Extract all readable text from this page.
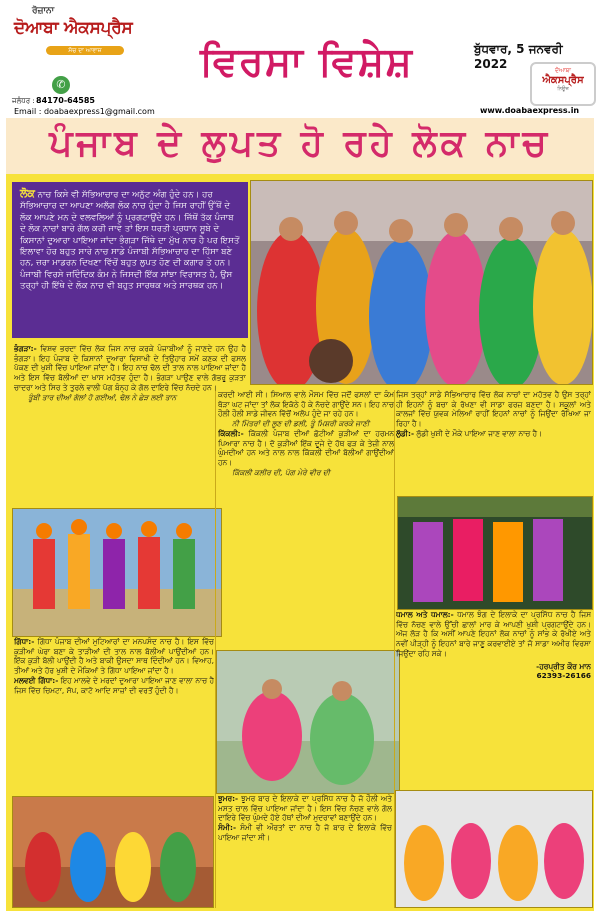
ਰੋਜ਼ਾਨਾ
ਦੋਆਬਾ ਐਕਸਪ੍ਰੈਸ
ਸੱਚ ਦਾ ਆਵਾਜ਼
✆
ਜਲੰਧਰ : 84170-64585
Email : doabaexpress1@gmail.com
ਵਿਰਸਾ ਵਿਸ਼ੇਸ਼	ਬੁੱਧਵਾਰ, 5 ਜਨਵਰੀ 2022	ਦੋਆਬਾ
ਐਕਸਪ੍ਰੈਸ
ਨਿਊਜ਼
www.doabaexpress.in
ਪੰਜਾਬ ਦੇ ਲੁਪਤ ਹੋ ਰਹੇ ਲੋਕ ਨਾਚ
ਲੋਕ ਨਾਚ ਕਿਸੇ ਵੀ ਸੱਭਿਆਚਾਰ ਦਾ ਅਨੁੱਟ ਅੰਗ ਹੁੰਦੇ ਹਨ। ਹਰ ਸੱਭਿਆਚਾਰ ਦਾ ਆਪਣਾ ਅਲੱਗ ਲੋਕ ਨਾਚ ਹੁੰਦਾ ਹੈ ਜਿਸ ਰਾਹੀਂ ਉੱਥੋਂ ਦੇ ਲੋਕ ਆਪਣੇ ਮਨ ਦੇ ਵਲਵਲਿਆਂ ਨੂੰ ਪ੍ਰਗਟਾਉਂਦੇ ਹਨ। ਜਿੱਥੋਂ ਤੱਕ ਪੰਜਾਬ ਦੇ ਲੋਕ ਨਾਚਾਂ ਬਾਰੇ ਗੱਲ ਕਰੀ ਜਾਵੇ ਤਾਂ ਇਸ ਧਰਤੀ ਪ੍ਰਧਾਨ ਸੂਬੇ ਦੇ ਕਿਸਾਨਾਂ ਦੁਆਰਾ ਪਾਇਆ ਜਾਂਦਾ ਭੰਗੜਾ ਜਿੱਥੇ ਦਾ ਮੁੱਖ ਨਾਚ ਹੈ ਪਰ ਇਸਤੋਂ ਇਲਾਵਾ ਹੋਰ ਬਹੁਤ ਸਾਰੇ ਨਾਚ ਸਾਡੇ ਪੰਜਾਬੀ ਸੱਭਿਆਚਾਰ ਦਾ ਹਿੱਸਾ ਬਣੇ ਹਨ, ਜ਼ਰਾ ਮਾਡਰਨ ਦਿਖਣਾ ਵਿੱਚੋਂ ਬਹੁਤ ਲੁਪਤ ਹੋਣ ਦੀ ਕਗਾਰ ਤੇ ਹਨ। ਪੰਜਾਬੀ ਵਿਰਸੇ ਜਦਿੰਦਿਕ ਕੰਮ ਨੇ ਜਿਸਦੀ ਇੱਕ ਸਾਂਝਾ ਵਿਰਾਸਤ ਹੈ, ਉਸ ਤਰ੍ਹਾਂ ਹੀ ਇੱਥੇ ਦੇ ਲੋਕ ਨਾਚ ਵੀ ਬਹੁਤ ਸਾਰਥਕ ਅਤੇ ਸਾਰਥਕ ਹਨ।
ਭੰਗੜਾ:- ਵਿਸ਼ਵ ਭਰਦਾ ਵਿੱਚ ਲੋਕ ਜਿਸ ਨਾਚ ਕਰਕੇ ਪੰਜਾਬੀਆਂ ਨੂੰ ਜਾਣਦੇ ਹਨ ਉਹ ਹੈ ਭੰਗੜਾ। ਇਹ ਪੰਜਾਬ ਦੇ ਕਿਸਾਨਾਂ ਦੁਆਰਾ ਵਿਸਾਖੀ ਦੇ ਤਿਉਹਾਰ ਸਮੇਂ ਕਣਕ ਦੀ ਫਸਲ ਪੱਕਣ ਦੀ ਖੁਸ਼ੀ ਵਿੱਚ ਪਾਇਆ ਜਾਂਦਾ ਹੈ। ਇਹ ਨਾਚ ਢੋਲ ਦੀ ਤਾਲ ਨਾਲ ਪਾਇਆ ਜਾਂਦਾ ਹੈ ਅਤੇ ਇਸ ਵਿੱਚ ਬੋਲੀਆਂ ਦਾ ਖਾਸ ਮਹੱਤਵ ਹੁੰਦਾ ਹੈ। ਭੰਗੜਾ ਪਾਉਣ ਵਾਲੇ ਗੱਭਰੂ ਕੁੜਤਾ ਚਾਦਰਾ ਅਤੇ ਸਿਰ ਤੇ ਤੁਰਲੇ ਵਾਲੀ ਪੱਗ ਬੰਨ੍ਹ ਕੇ ਗੋਲ ਦਾਇਰੇ ਵਿੱਚ ਨੱਚਦੇ ਹਨ।
ਤੂੰਬੀ ਤਾਰ ਦੀਆਂ ਗੱਲਾਂ ਹੋ ਗਈਆਂ, ਢੋਲ ਨੇ ਛੇੜ ਲਈ ਤਾਨ
ਗਿੱਧਾ:- ਗਿੱਧਾ ਪੰਜਾਬ ਦੀਆਂ ਮੁਟਿਆਰਾਂ ਦਾ ਮਨਪਸੰਦ ਨਾਚ ਹੈ। ਇਸ ਵਿੱਚ ਕੁੜੀਆਂ ਘੇਰਾ ਬਣਾ ਕੇ ਤਾੜੀਆਂ ਦੀ ਤਾਲ ਨਾਲ ਬੋਲੀਆਂ ਪਾਉਂਦੀਆਂ ਹਨ। ਇੱਕ ਕੁੜੀ ਬੋਲੀ ਪਾਉਂਦੀ ਹੈ ਅਤੇ ਬਾਕੀ ਉਸਦਾ ਸਾਥ ਦਿੰਦੀਆਂ ਹਨ। ਵਿਆਹ, ਤੀਆਂ ਅਤੇ ਹੋਰ ਖੁਸ਼ੀ ਦੇ ਮੌਕਿਆਂ ਤੇ ਗਿੱਧਾ ਪਾਇਆ ਜਾਂਦਾ ਹੈ।
ਮਲਵਈ ਗਿੱਧਾ:- ਇਹ ਮਾਲਵੇ ਦੇ ਮਰਦਾਂ ਦੁਆਰਾ ਪਾਇਆ ਜਾਣ ਵਾਲਾ ਨਾਚ ਹੈ ਜਿਸ ਵਿੱਚ ਚਿਮਟਾ, ਸੱਪ, ਕਾਟੋ ਆਦਿ ਸਾਜ਼ਾਂ ਦੀ ਵਰਤੋਂ ਹੁੰਦੀ ਹੈ।
ਕਰਦੀ ਆਈ ਸੀ। ਸਿਆਲ ਵਾਲੇ ਮੌਸਮ ਵਿੱਚ ਜਦੋਂ ਫਸਲਾਂ ਦਾ ਕੰਮ ਥੋੜਾ ਘਟ ਜਾਂਦਾ ਤਾਂ ਲੋਕ ਇਕੱਠੇ ਹੋ ਕੇ ਨੱਚਦੇ ਗਾਉਂਦੇ ਸਨ। ਇਹ ਨਾਚ ਹੌਲੀ ਹੌਲੀ ਸਾਡੇ ਜੀਵਨ ਵਿੱਚੋਂ ਅਲੋਪ ਹੁੰਦੇ ਜਾ ਰਹੇ ਹਨ।
ਨੀ ਮਿੱਤਰਾਂ ਦੀ ਲੂਣ ਦੀ ਡਲੀ, ਤੂੰ ਮਿਸ਼ਰੀ ਕਰਕੇ ਜਾਣੀ
ਕਿੱਕਲੀ:- ਕਿੱਕਲੀ ਪੰਜਾਬ ਦੀਆਂ ਛੋਟੀਆਂ ਕੁੜੀਆਂ ਦਾ ਹਰਮਨ ਪਿਆਰਾ ਨਾਚ ਹੈ। ਦੋ ਕੁੜੀਆਂ ਇੱਕ ਦੂਜੇ ਦੇ ਹੱਥ ਫੜ ਕੇ ਤੇਜ਼ੀ ਨਾਲ ਘੁੰਮਦੀਆਂ ਹਨ ਅਤੇ ਨਾਲ ਨਾਲ ਕਿੱਕਲੀ ਦੀਆਂ ਬੋਲੀਆਂ ਗਾਉਂਦੀਆਂ ਹਨ।
ਕਿੱਕਲੀ ਕਲੀਰ ਦੀ, ਪੱਗ ਮੇਰੇ ਵੀਰ ਦੀ
ਝੂਮਰ:- ਝੂਮਰ ਬਾਰ ਦੇ ਇਲਾਕੇ ਦਾ ਪ੍ਰਸਿੱਧ ਨਾਚ ਹੈ ਜੋ ਹੌਲੀ ਅਤੇ ਮਸਤ ਚਾਲ ਵਿੱਚ ਪਾਇਆ ਜਾਂਦਾ ਹੈ। ਇਸ ਵਿੱਚ ਨੱਚਣ ਵਾਲੇ ਗੋਲ ਦਾਇਰੇ ਵਿੱਚ ਘੁੰਮਦੇ ਹੋਏ ਹੱਥਾਂ ਦੀਆਂ ਮੁਦਰਾਵਾਂ ਬਣਾਉਂਦੇ ਹਨ।
ਸੰਮੀ:- ਸੰਮੀ ਵੀ ਔਰਤਾਂ ਦਾ ਨਾਚ ਹੈ ਜੋ ਬਾਰ ਦੇ ਇਲਾਕੇ ਵਿੱਚ ਪਾਇਆ ਜਾਂਦਾ ਸੀ।
ਜਿਸ ਤਰ੍ਹਾਂ ਸਾਡੇ ਸੱਭਿਆਚਾਰ ਵਿੱਚ ਲੋਕ ਨਾਚਾਂ ਦਾ ਮਹੱਤਵ ਹੈ ਉਸ ਤਰ੍ਹਾਂ ਹੀ ਇਹਨਾਂ ਨੂੰ ਬਚਾ ਕੇ ਰੱਖਣਾ ਵੀ ਸਾਡਾ ਫਰਜ਼ ਬਣਦਾ ਹੈ। ਸਕੂਲਾਂ ਅਤੇ ਕਾਲਜਾਂ ਵਿੱਚ ਯੁਵਕ ਮੇਲਿਆਂ ਰਾਹੀਂ ਇਹਨਾਂ ਨਾਚਾਂ ਨੂੰ ਜਿਉਂਦਾ ਰੱਖਿਆ ਜਾ ਰਿਹਾ ਹੈ।
ਲੁੱਡੀ:- ਲੁੱਡੀ ਖੁਸ਼ੀ ਦੇ ਮੌਕੇ ਪਾਇਆ ਜਾਣ ਵਾਲਾ ਨਾਚ ਹੈ।
ਧਮਾਲ ਅਤੇ ਧਮਾਲ:- ਧਮਾਲ ਝੰਗ ਦੇ ਇਲਾਕੇ ਦਾ ਪ੍ਰਸਿੱਧ ਨਾਚ ਹੈ ਜਿਸ ਵਿੱਚ ਨੱਚਣ ਵਾਲੇ ਉੱਚੀ ਛਾਲਾਂ ਮਾਰ ਕੇ ਆਪਣੀ ਖੁਸ਼ੀ ਪ੍ਰਗਟਾਉਂਦੇ ਹਨ। ਅੱਜ ਲੋੜ ਹੈ ਕਿ ਅਸੀਂ ਆਪਣੇ ਇਹਨਾਂ ਲੋਕ ਨਾਚਾਂ ਨੂੰ ਸਾਂਭ ਕੇ ਰੱਖੀਏ ਅਤੇ ਨਵੀਂ ਪੀੜ੍ਹੀ ਨੂੰ ਇਹਨਾਂ ਬਾਰੇ ਜਾਣੂ ਕਰਵਾਈਏ ਤਾਂ ਜੋ ਸਾਡਾ ਅਮੀਰ ਵਿਰਸਾ ਜਿਉਂਦਾ ਰਹਿ ਸਕੇ।
-ਹਰਪ੍ਰੀਤ ਕੌਰ ਮਾਨ
62393-26166
